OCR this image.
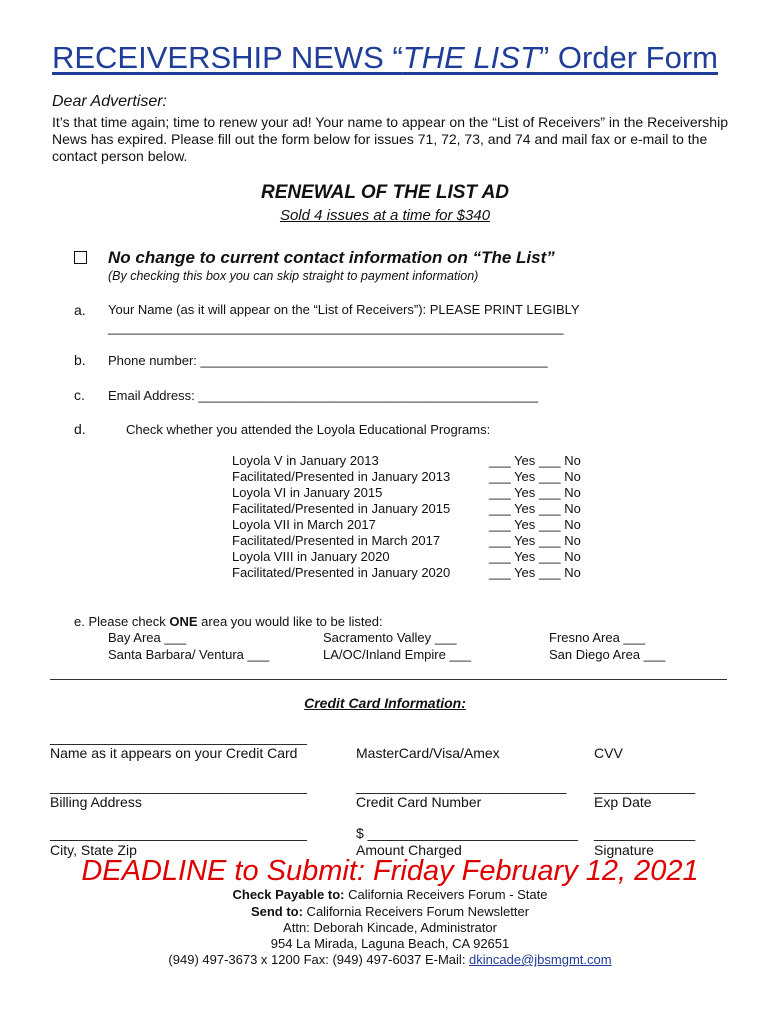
RECEIVERSHIP NEWS “THE LIST” Order Form
Dear Advertiser:
It’s that time again; time to renew your ad! Your name to appear on the “List of Receivers” in the Receivership News has expired. Please fill out the form below for issues 71, 72, 73, and 74 and mail fax or e-mail to the contact person below.
RENEWAL OF THE LIST AD
Sold 4 issues at a time for $340
No change to current contact information on “The List”
(By checking this box you can skip straight to payment information)
a. Your Name (as it will appear on the “List of Receivers”): PLEASE PRINT LEGIBLY
_______________________________________________________________
b. Phone number: ________________________________________________
c. Email Address: _______________________________________________
d.	Check whether you attended the Loyola Educational Programs:
Loyola V in January 2013	___ Yes ___ No
Facilitated/Presented in January 2013	___ Yes ___ No
Loyola VI in January 2015	___ Yes ___ No
Facilitated/Presented in January 2015	___ Yes ___ No
Loyola VII in March 2017	___ Yes ___ No
Facilitated/Presented in March 2017	___ Yes ___ No
Loyola VIII in January 2020	___ Yes ___ No
Facilitated/Presented in January 2020	___ Yes ___ No
e. Please check ONE area you would like to be listed:
Bay Area ___	Sacramento Valley ___	Fresno Area ___
Santa Barbara/ Ventura ___	LA/OC/Inland Empire ___	San Diego Area ___
Credit Card Information:
_________________________________
Name as it appears on your Credit Card	MasterCard/Visa/Amex	CVV
_________________________________	___________________________ _____________
Billing Address	Credit Card Number	Exp Date
_________________________________	$ ___________________________ _____________
City, State Zip	Amount Charged	Signature
DEADLINE to Submit: Friday February 12, 2021
Check Payable to: California Receivers Forum - State
Send to: California Receivers Forum Newsletter
Attn: Deborah Kincade, Administrator
954 La Mirada, Laguna Beach, CA 92651
(949) 497-3673 x 1200 Fax: (949) 497-6037 E-Mail: dkincade@jbsmgmt.com
